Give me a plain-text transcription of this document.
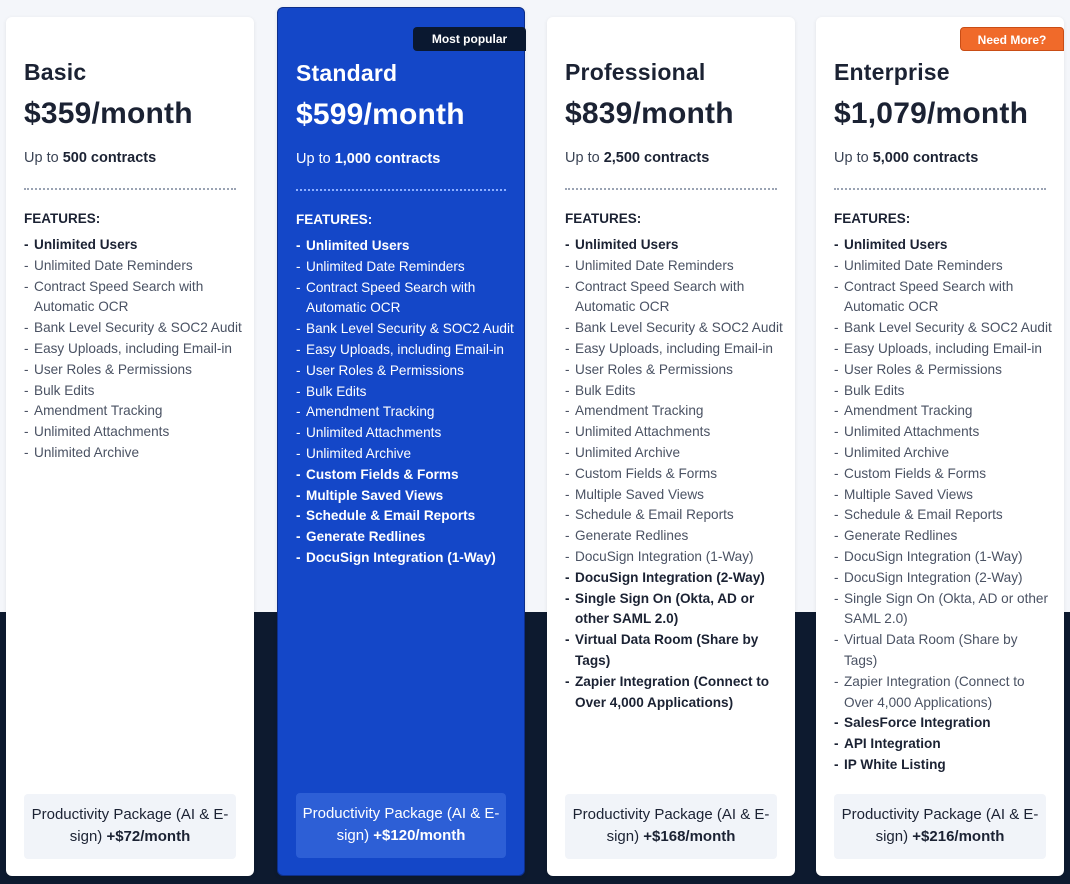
Basic
$359/month
Up to 500 contracts
FEATURES:
- Unlimited Users
- Unlimited Date Reminders
- Contract Speed Search with Automatic OCR
- Bank Level Security & SOC2 Audit
- Easy Uploads, including Email-in
- User Roles & Permissions
- Bulk Edits
- Amendment Tracking
- Unlimited Attachments
- Unlimited Archive
Productivity Package (AI & E-sign) +$72/month
Most popular
Standard
$599/month
Up to 1,000 contracts
FEATURES:
- Unlimited Users
- Unlimited Date Reminders
- Contract Speed Search with Automatic OCR
- Bank Level Security & SOC2 Audit
- Easy Uploads, including Email-in
- User Roles & Permissions
- Bulk Edits
- Amendment Tracking
- Unlimited Attachments
- Unlimited Archive
- Custom Fields & Forms
- Multiple Saved Views
- Schedule & Email Reports
- Generate Redlines
- DocuSign Integration (1-Way)
Productivity Package (AI & E-sign) +$120/month
Professional
$839/month
Up to 2,500 contracts
FEATURES:
- Unlimited Users
- Unlimited Date Reminders
- Contract Speed Search with Automatic OCR
- Bank Level Security & SOC2 Audit
- Easy Uploads, including Email-in
- User Roles & Permissions
- Bulk Edits
- Amendment Tracking
- Unlimited Attachments
- Unlimited Archive
- Custom Fields & Forms
- Multiple Saved Views
- Schedule & Email Reports
- Generate Redlines
- DocuSign Integration (1-Way)
- DocuSign Integration (2-Way)
- Single Sign On (Okta, AD or other SAML 2.0)
- Virtual Data Room (Share by Tags)
- Zapier Integration (Connect to Over 4,000 Applications)
Productivity Package (AI & E-sign) +$168/month
Need More?
Enterprise
$1,079/month
Up to 5,000 contracts
FEATURES:
- Unlimited Users
- Unlimited Date Reminders
- Contract Speed Search with Automatic OCR
- Bank Level Security & SOC2 Audit
- Easy Uploads, including Email-in
- User Roles & Permissions
- Bulk Edits
- Amendment Tracking
- Unlimited Attachments
- Unlimited Archive
- Custom Fields & Forms
- Multiple Saved Views
- Schedule & Email Reports
- Generate Redlines
- DocuSign Integration (1-Way)
- DocuSign Integration (2-Way)
- Single Sign On (Okta, AD or other SAML 2.0)
- Virtual Data Room (Share by Tags)
- Zapier Integration (Connect to Over 4,000 Applications)
- SalesForce Integration
- API Integration
- IP White Listing
Productivity Package (AI & E-sign) +$216/month
